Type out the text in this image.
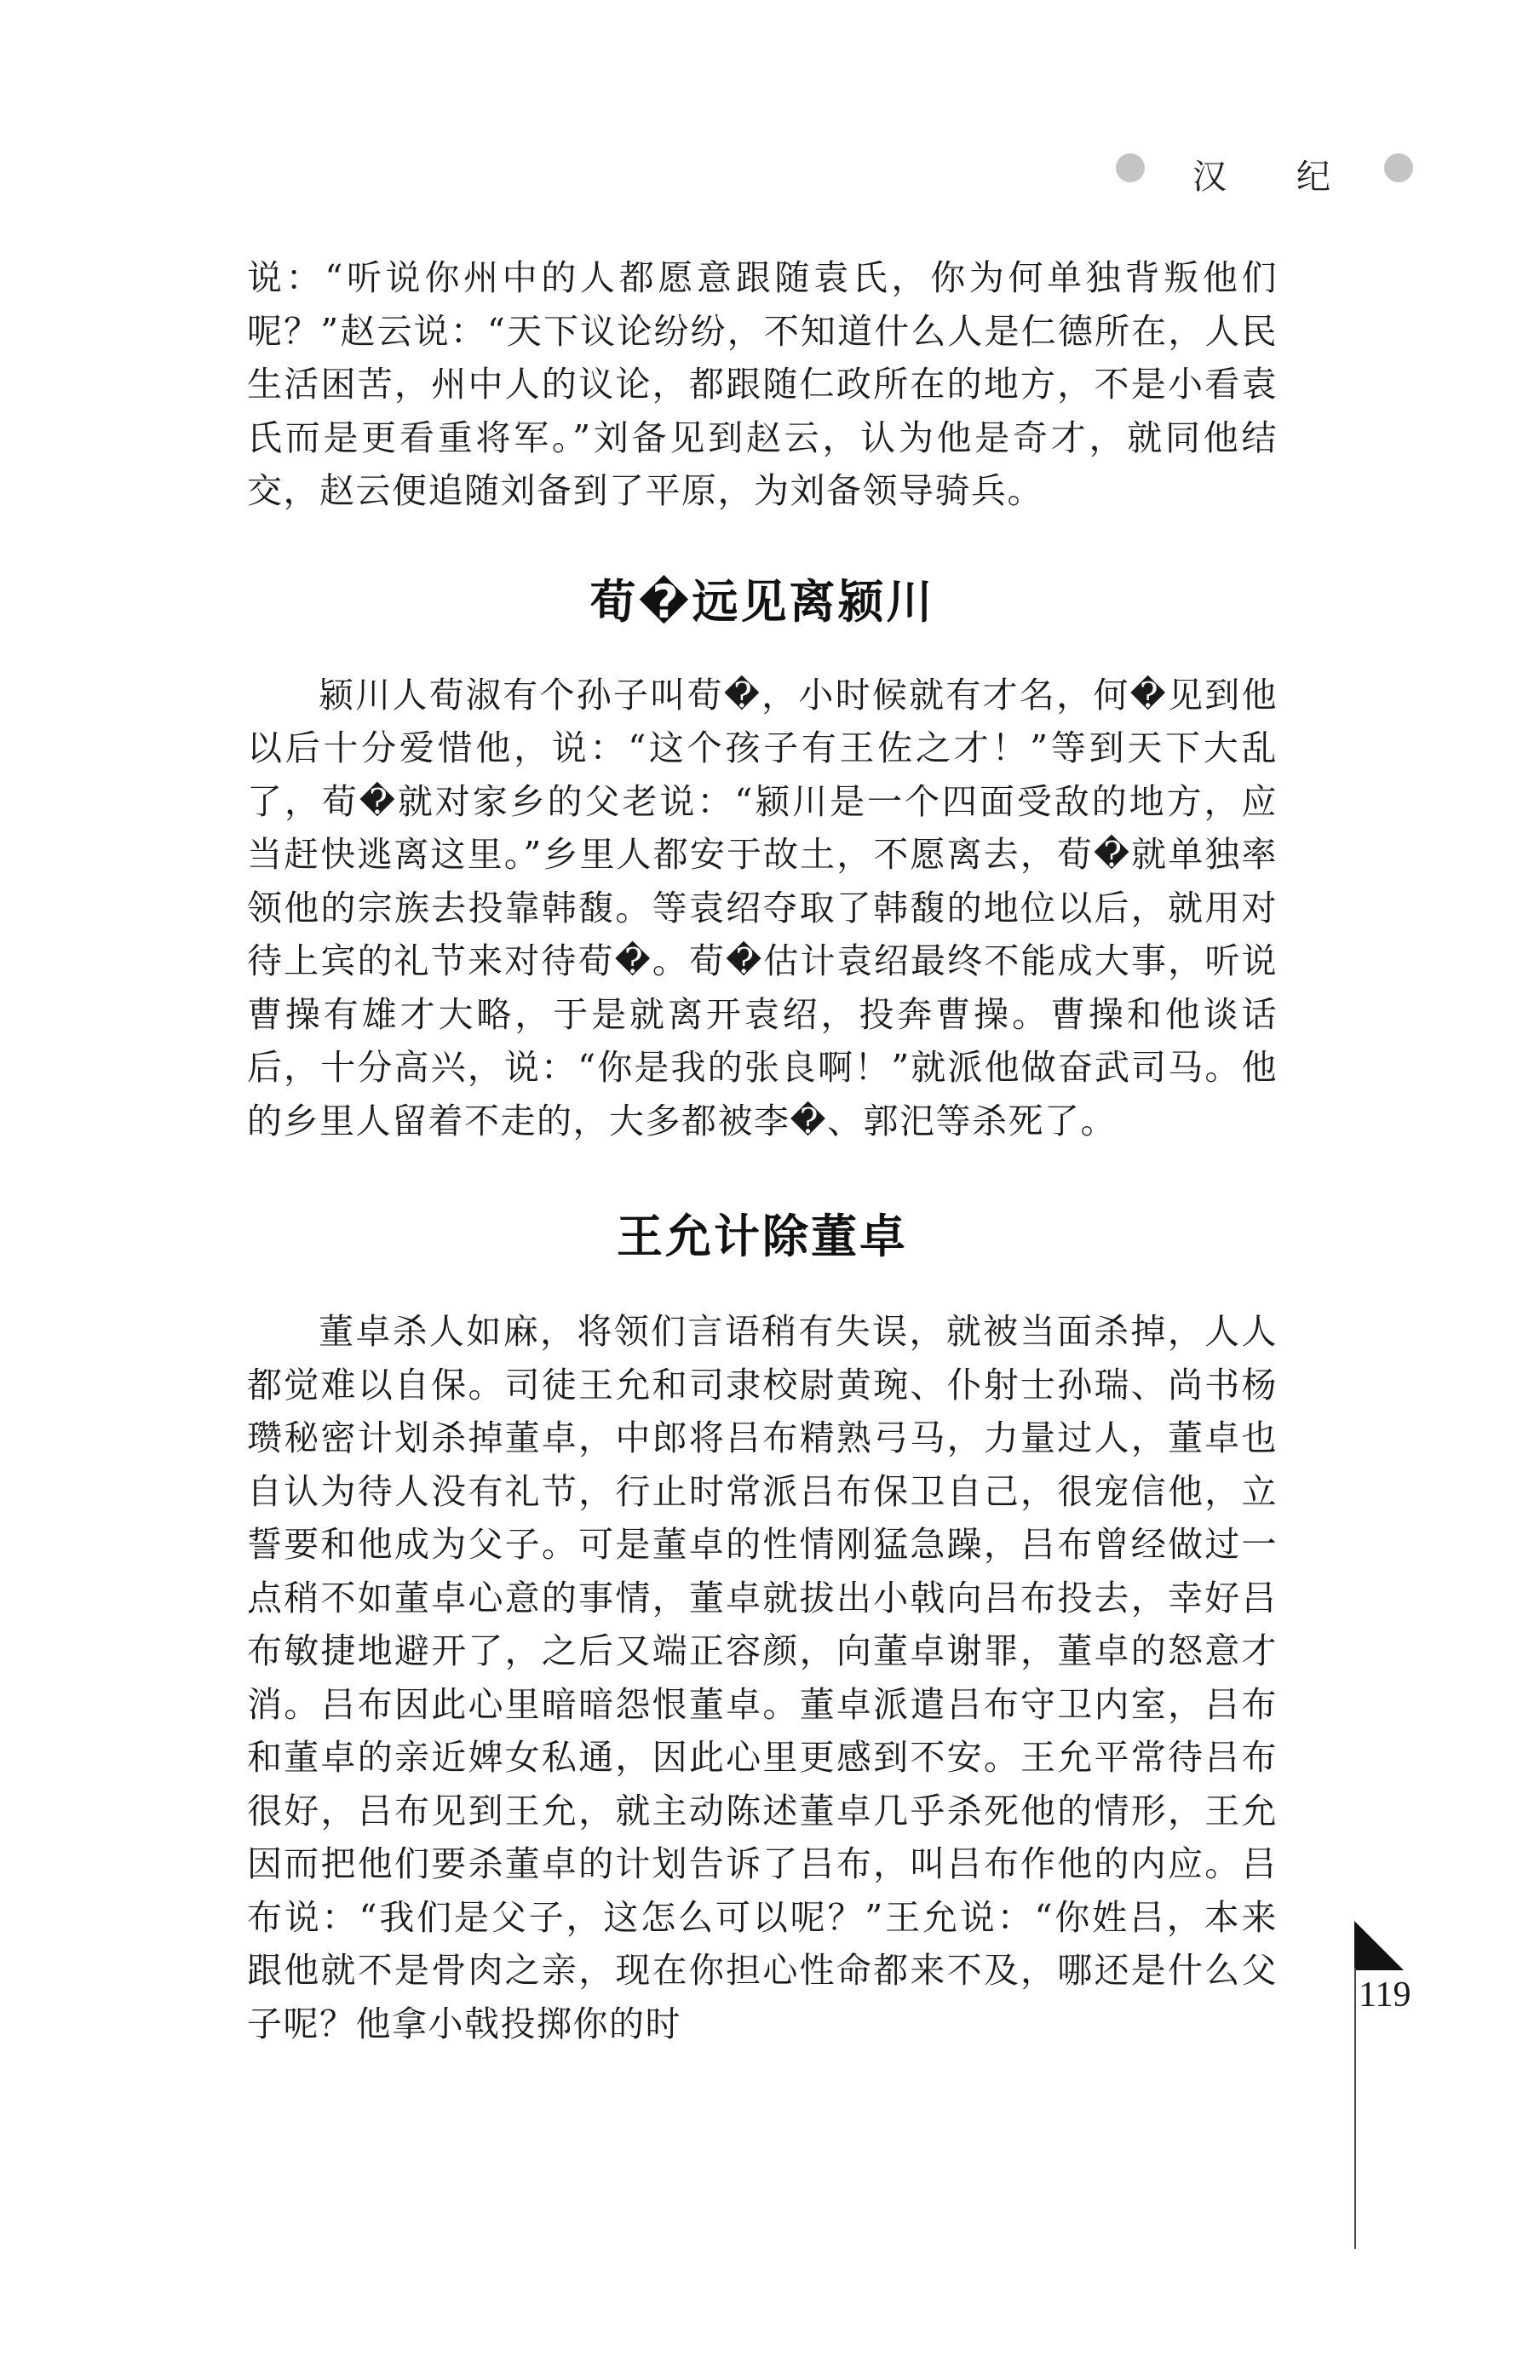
汉 纪

说：“听说你州中的人都愿意跟随袁氏，你为何单独背叛他们呢？”赵云说：“天下议论纷纷，不知道什么人是仁德所在，人民生活困苦，州中人的议论，都跟随仁政所在的地方，不是小看袁氏而是更看重将军。”刘备见到赵云，认为他是奇才，就同他结交，赵云便追随刘备到了平原，为刘备领导骑兵。

荀�远见离颍川

颍川人荀淑有个孙子叫荀�，小时候就有才名，何�见到他以后十分爱惜他，说：“这个孩子有王佐之才！”等到天下大乱了，荀�就对家乡的父老说：“颍川是一个四面受敌的地方，应当赶快逃离这里。”乡里人都安于故土，不愿离去，荀�就单独率领他的宗族去投靠韩馥。等袁绍夺取了韩馥的地位以后，就用对待上宾的礼节来对待荀�。荀�估计袁绍最终不能成大事，听说曹操有雄才大略，于是就离开袁绍，投奔曹操。曹操和他谈话后，十分高兴，说：“你是我的张良啊！”就派他做奋武司马。他的乡里人留着不走的，大多都被李�、郭汜等杀死了。

王允计除董卓

董卓杀人如麻，将领们言语稍有失误，就被当面杀掉，人人都觉难以自保。司徒王允和司隶校尉黄琬、仆射士孙瑞、尚书杨瓒秘密计划杀掉董卓，中郎将吕布精熟弓马，力量过人，董卓也自认为待人没有礼节，行止时常派吕布保卫自己，很宠信他，立誓要和他成为父子。可是董卓的性情刚猛急躁，吕布曾经做过一点稍不如董卓心意的事情，董卓就拔出小戟向吕布投去，幸好吕布敏捷地避开了，之后又端正容颜，向董卓谢罪，董卓的怒意才消。吕布因此心里暗暗怨恨董卓。董卓派遣吕布守卫内室，吕布和董卓的亲近婢女私通，因此心里更感到不安。王允平常待吕布很好，吕布见到王允，就主动陈述董卓几乎杀死他的情形，王允因而把他们要杀董卓的计划告诉了吕布，叫吕布作他的内应。吕布说：“我们是父子，这怎么可以呢？”王允说：“你姓吕，本来跟他就不是骨肉之亲，现在你担心性命都来不及，哪还是什么父子呢？他拿小戟投掷你的时

119
